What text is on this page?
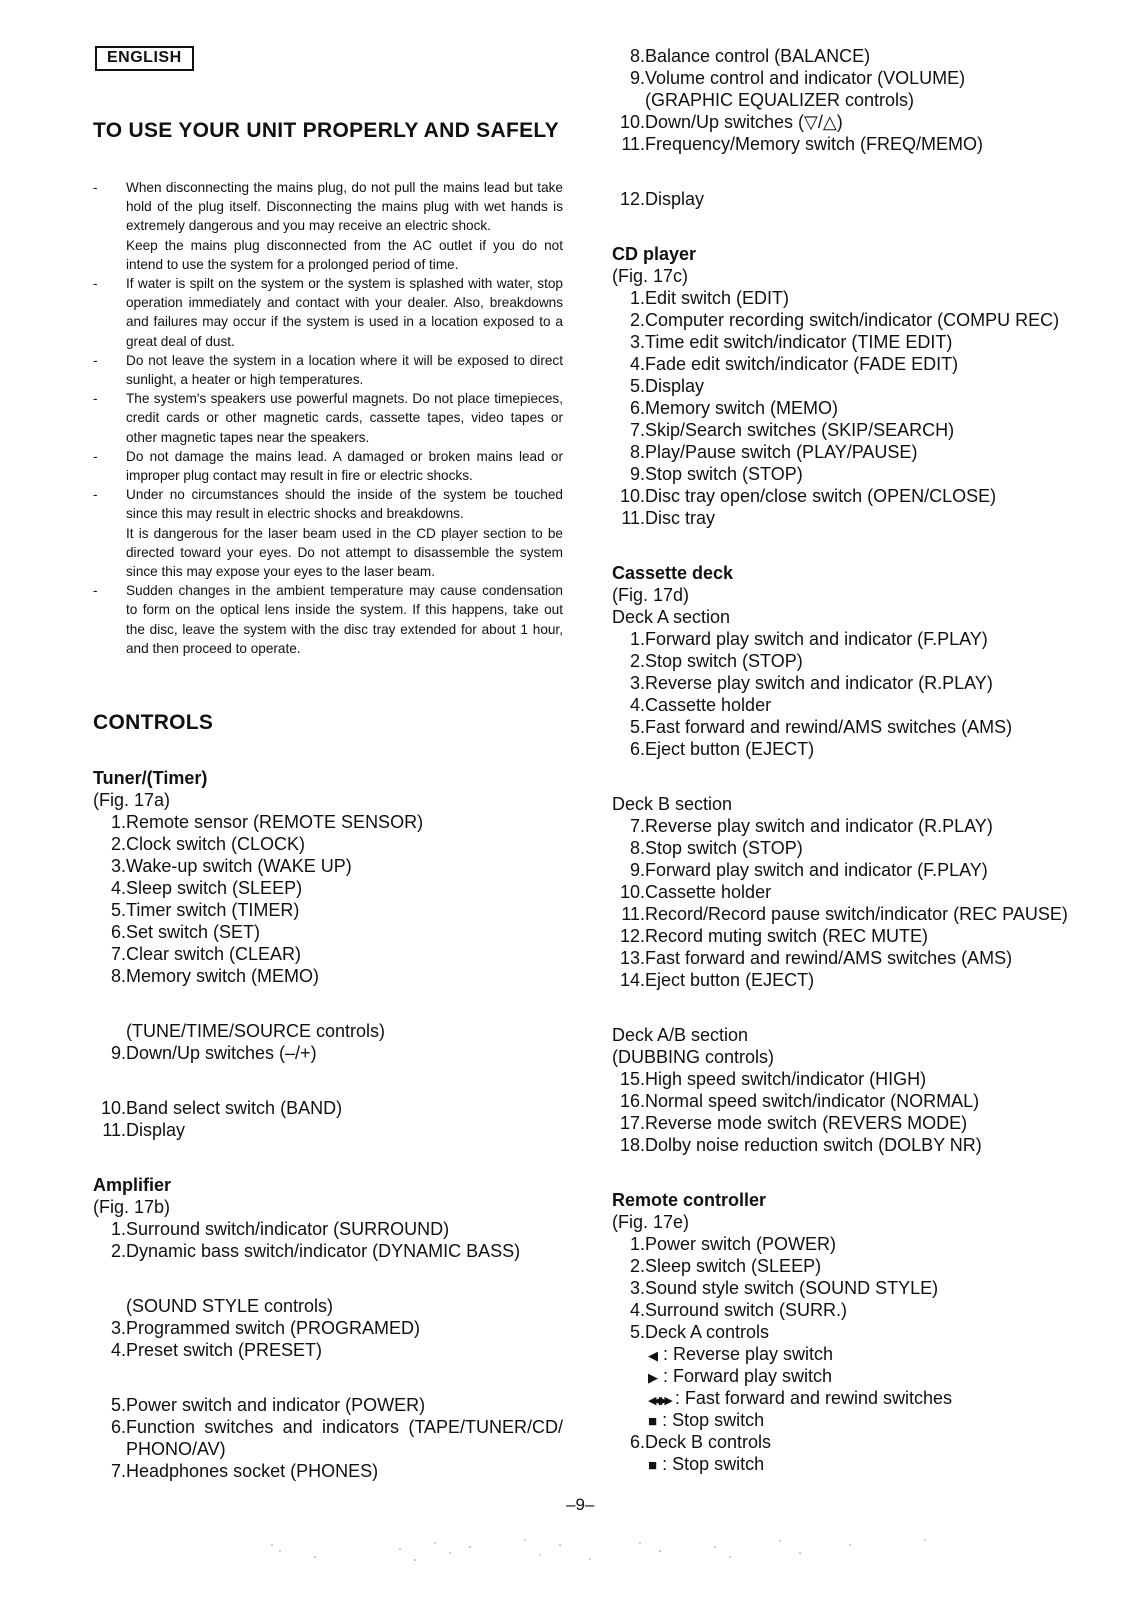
ENGLISH
TO USE YOUR UNIT PROPERLY AND SAFELY
-	When disconnecting the mains plug, do not pull the mains lead but take hold of the plug itself. Disconnecting the mains plug with wet hands is extremely dangerous and you may receive an electric shock.

Keep the mains plug disconnected from the AC outlet if you do not intend to use the system for a prolonged period of time.

-	If water is spilt on the system or the system is splashed with water, stop operation immediately and contact with your dealer. Also, breakdowns and failures may occur if the system is used in a location exposed to a great deal of dust.

-	Do not leave the system in a location where it will be exposed to direct sunlight, a heater or high temperatures.

-	The system's speakers use powerful magnets. Do not place timepieces, credit cards or other magnetic cards, cassette tapes, video tapes or other magnetic tapes near the speakers.

-	Do not damage the mains lead. A damaged or broken mains lead or improper plug contact may result in fire or electric shocks.

-	Under no circumstances should the inside of the system be touched since this may result in electric shocks and breakdowns.

It is dangerous for the laser beam used in the CD player section to be directed toward your eyes. Do not attempt to disassemble the system since this may expose your eyes to the laser beam.

-	Sudden changes in the ambient temperature may cause condensation to form on the optical lens inside the system. If this happens, take out the disc, leave the system with the disc tray extended for about 1 hour, and then proceed to operate.

CONTROLS
Tuner/(Timer)
(Fig. 17a)
1. Remote sensor (REMOTE SENSOR)
2. Clock switch (CLOCK)
3. Wake-up switch (WAKE UP)
4. Sleep switch (SLEEP)
5. Timer switch (TIMER)
6. Set switch (SET)
7. Clear switch (CLEAR)
8. Memory switch (MEMO)
(TUNE/TIME/SOURCE controls)
9. Down/Up switches (–/+)
10. Band select switch (BAND)
11. Display
Amplifier
(Fig. 17b)
1. Surround switch/indicator (SURROUND)
2. Dynamic bass switch/indicator (DYNAMIC BASS)
(SOUND STYLE controls)
3. Programmed switch (PROGRAMED)
4. Preset switch (PRESET)
5. Power switch and indicator (POWER)
6. Function switches and indicators (TAPE/TUNER/CD/ PHONO/AV)
7. Headphones socket (PHONES)
8. Balance control (BALANCE)
9. Volume control and indicator (VOLUME)
(GRAPHIC EQUALIZER controls)
10. Down/Up switches (▽/△)
11. Frequency/Memory switch (FREQ/MEMO)
12. Display
CD player
(Fig. 17c)
1. Edit switch (EDIT)
2. Computer recording switch/indicator (COMPU REC)
3. Time edit switch/indicator (TIME EDIT)
4. Fade edit switch/indicator (FADE EDIT)
5. Display
6. Memory switch (MEMO)
7. Skip/Search switches (SKIP/SEARCH)
8. Play/Pause switch (PLAY/PAUSE)
9. Stop switch (STOP)
10. Disc tray open/close switch (OPEN/CLOSE)
11. Disc tray
Cassette deck
(Fig. 17d)
Deck A section
1. Forward play switch and indicator (F.PLAY)
2. Stop switch (STOP)
3. Reverse play switch and indicator (R.PLAY)
4. Cassette holder
5. Fast forward and rewind/AMS switches (AMS)
6. Eject button (EJECT)
Deck B section
7. Reverse play switch and indicator (R.PLAY)
8. Stop switch (STOP)
9. Forward play switch and indicator (F.PLAY)
10. Cassette holder
11. Record/Record pause switch/indicator (REC PAUSE)
12. Record muting switch (REC MUTE)
13. Fast forward and rewind/AMS switches (AMS)
14. Eject button (EJECT)
Deck A/B section
(DUBBING controls)
15. High speed switch/indicator (HIGH)
16. Normal speed switch/indicator (NORMAL)
17. Reverse mode switch (REVERS MODE)
18. Dolby noise reduction switch (DOLBY NR)
Remote controller
(Fig. 17e)
1. Power switch (POWER)
2. Sleep switch (SLEEP)
3. Sound style switch (SOUND STYLE)
4. Surround switch (SURR.)
5. Deck A controls
◀ : Reverse play switch
▶ : Forward play switch
◀◀ ▶▶ : Fast forward and rewind switches
■ : Stop switch
6. Deck B controls
■ : Stop switch
–9–
